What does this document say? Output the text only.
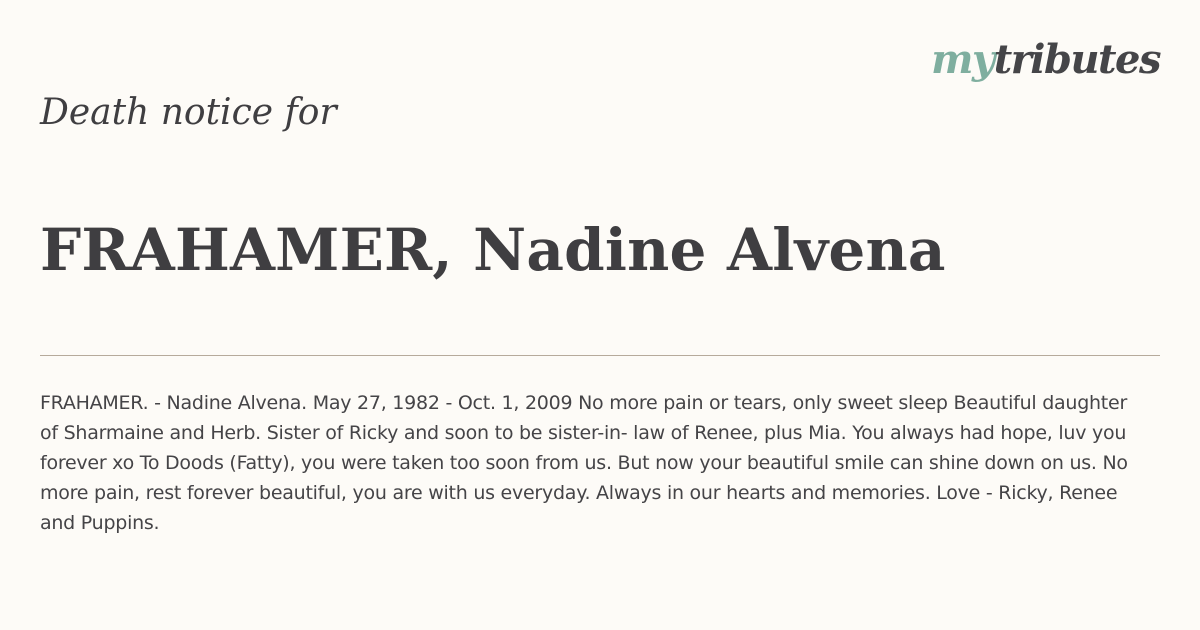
mytributes
Death notice for
FRAHAMER, Nadine Alvena

FRAHAMER. - Nadine Alvena. May 27, 1982 - Oct. 1, 2009 No more pain or tears, only sweet sleep Beautiful daughter of Sharmaine and Herb. Sister of Ricky and soon to be sister-in- law of Renee, plus Mia. You always had hope, luv you forever xo To Doods (Fatty), you were taken too soon from us. But now your beautiful smile can shine down on us. No more pain, rest forever beautiful, you are with us everyday. Always in our hearts and memories. Love - Ricky, Renee and Puppins.
